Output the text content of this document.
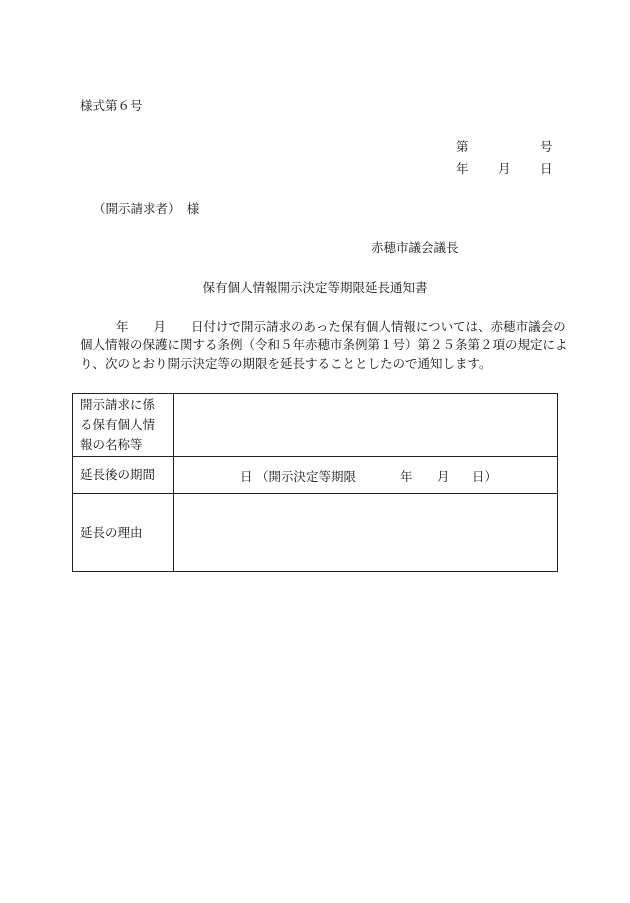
様式第６号
第	号
年 月 日
（開示請求者）　様
赤穂市議会議長
保有個人情報開示決定等期限延長通知書
年　　月　　日付けで開示請求のあった保有個人情報については、赤穂市議会の
個人情報の保護に関する条例（令和５年赤穂市条例第１号）第２５条第２項の規定によ
り、次のとおり開示決定等の期限を延長することとしたので通知します。
開示請求に係る保有個人情報の名称等	
延長後の期間	日 （開示決定等期限 年 月 日）

延長の理由	
